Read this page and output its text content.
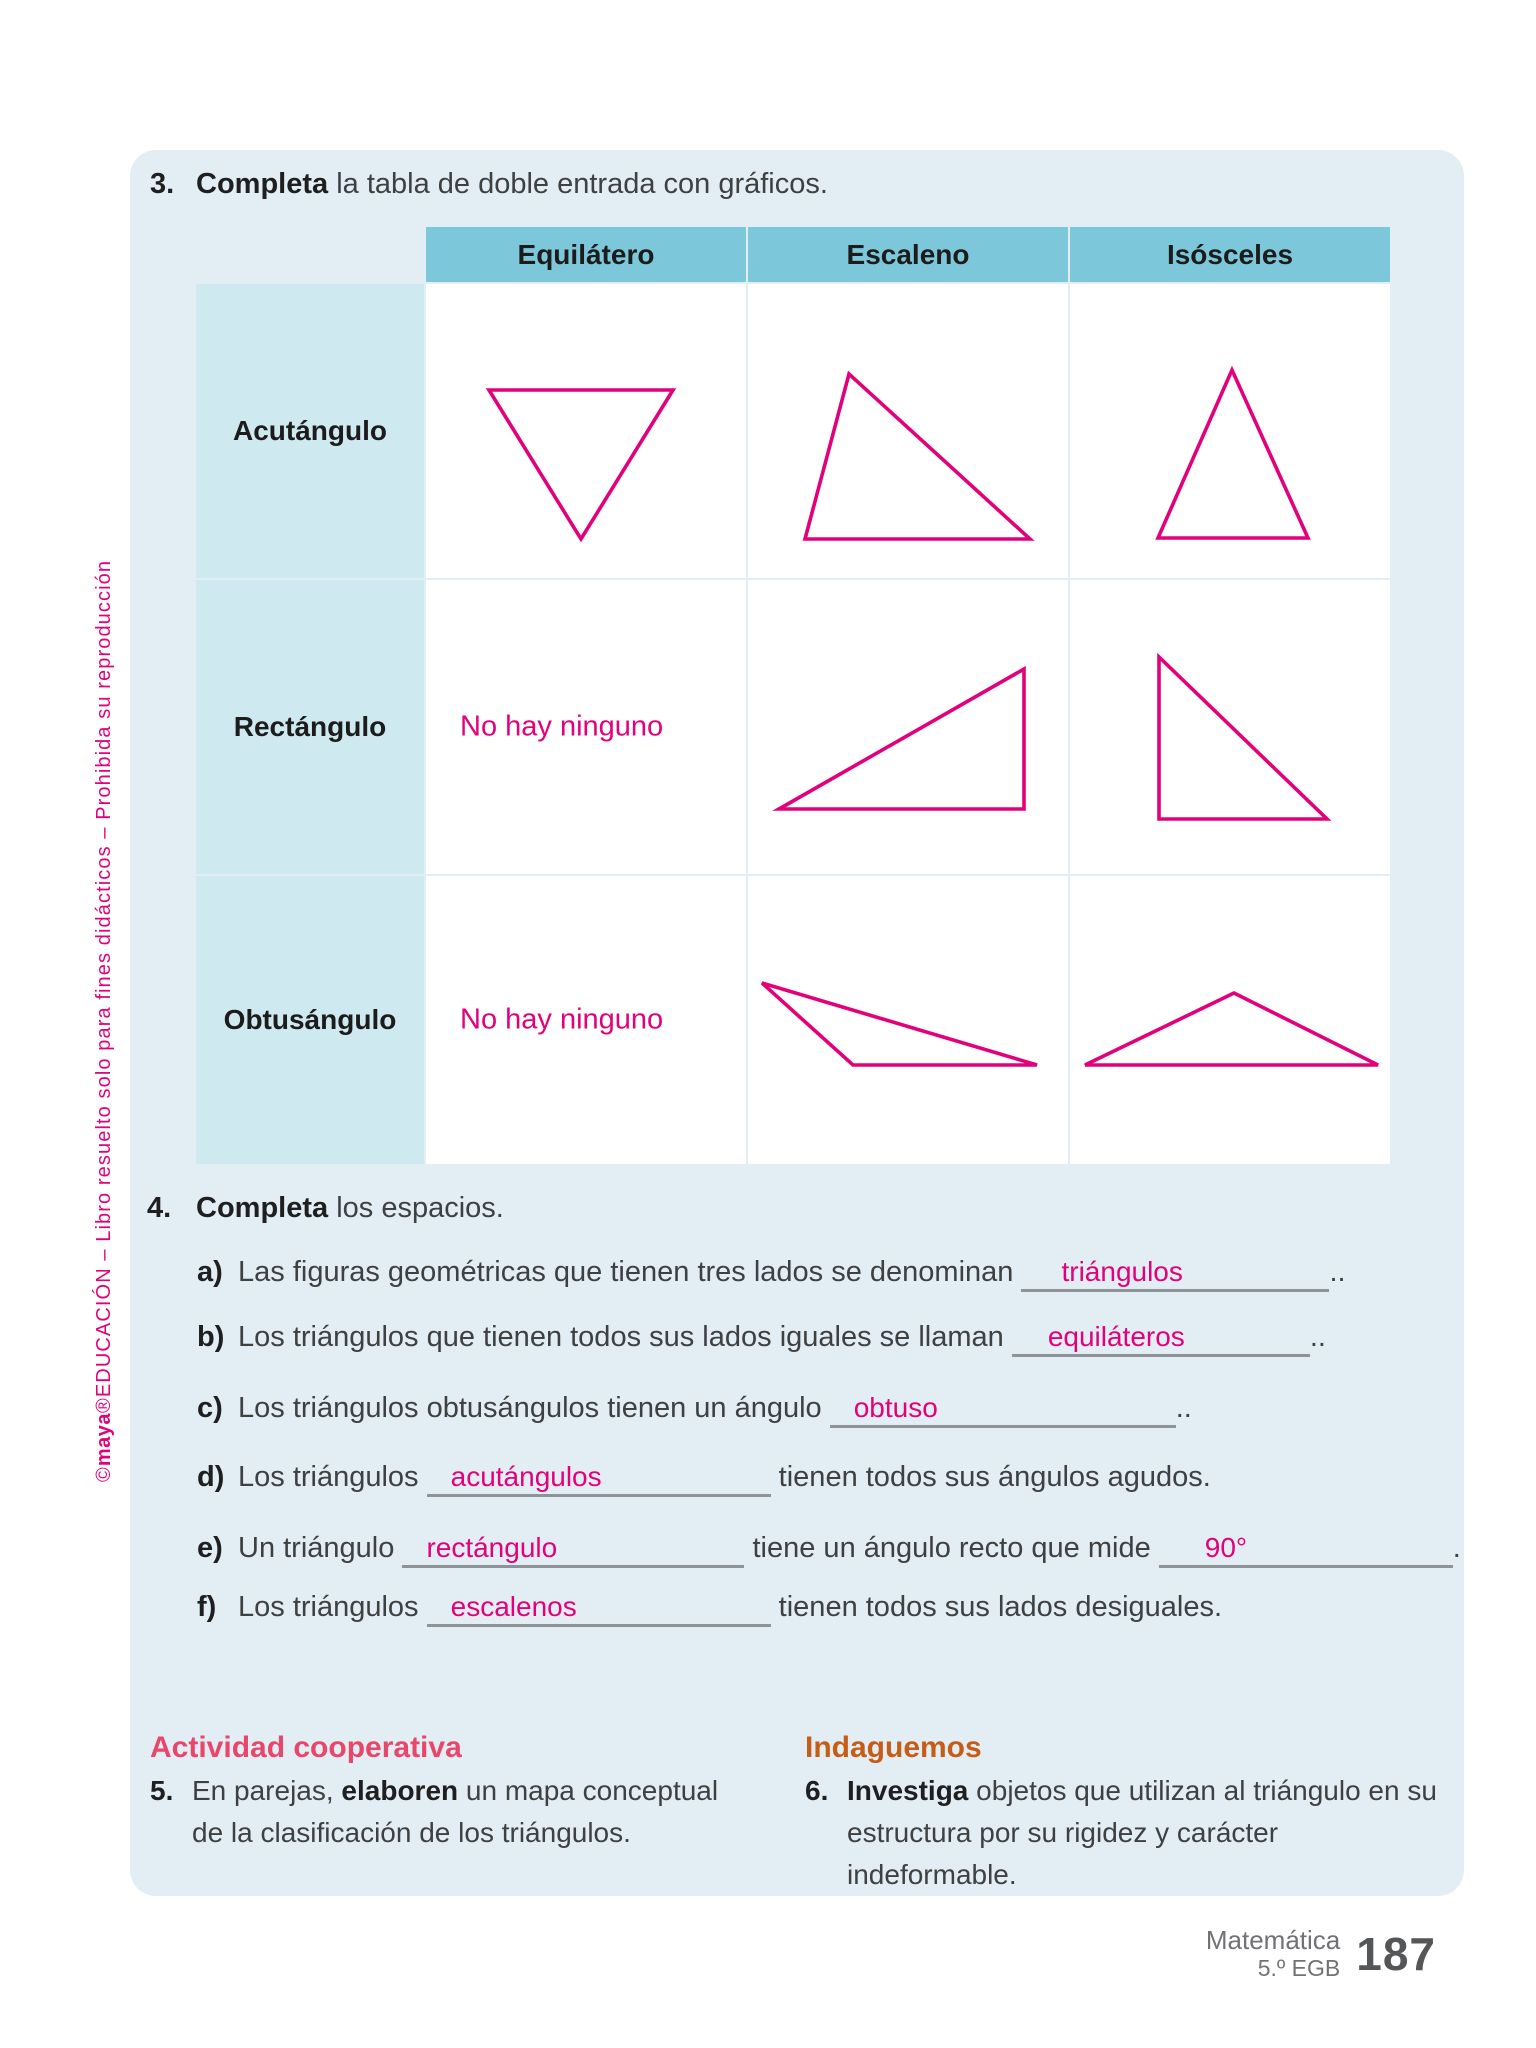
©maya®EDUCACIÓN – Libro resuelto solo para fines didácticos – Prohibida su reproducción
3. Completa la tabla de doble entrada con gráficos.
Equilátero	Escaleno	Isósceles
Acutángulo
Rectángulo	No hay ninguno
Obtusángulo	No hay ninguno
4. Completa los espacios.
a) Las figuras geométricas que tienen tres lados se denominan triángulos	..
b) Los triángulos que tienen todos sus lados iguales se llaman equiláteros	..
c) Los triángulos obtusángulos tienen un ángulo obtuso	..
d) Los triángulos acutángulos	tienen todos sus ángulos agudos.
e) Un triángulo rectángulo	tiene un ángulo recto que mide 90°	.
f) Los triángulos escalenos	tienen todos sus lados desiguales.
Actividad cooperativa
5. En parejas, elaboren un mapa conceptual de la clasificación de los triángulos.
Indaguemos
6. Investiga objetos que utilizan al triángulo en su estructura por su rigidez y carácter indeformable.
Matemática
5.º EGB 187
